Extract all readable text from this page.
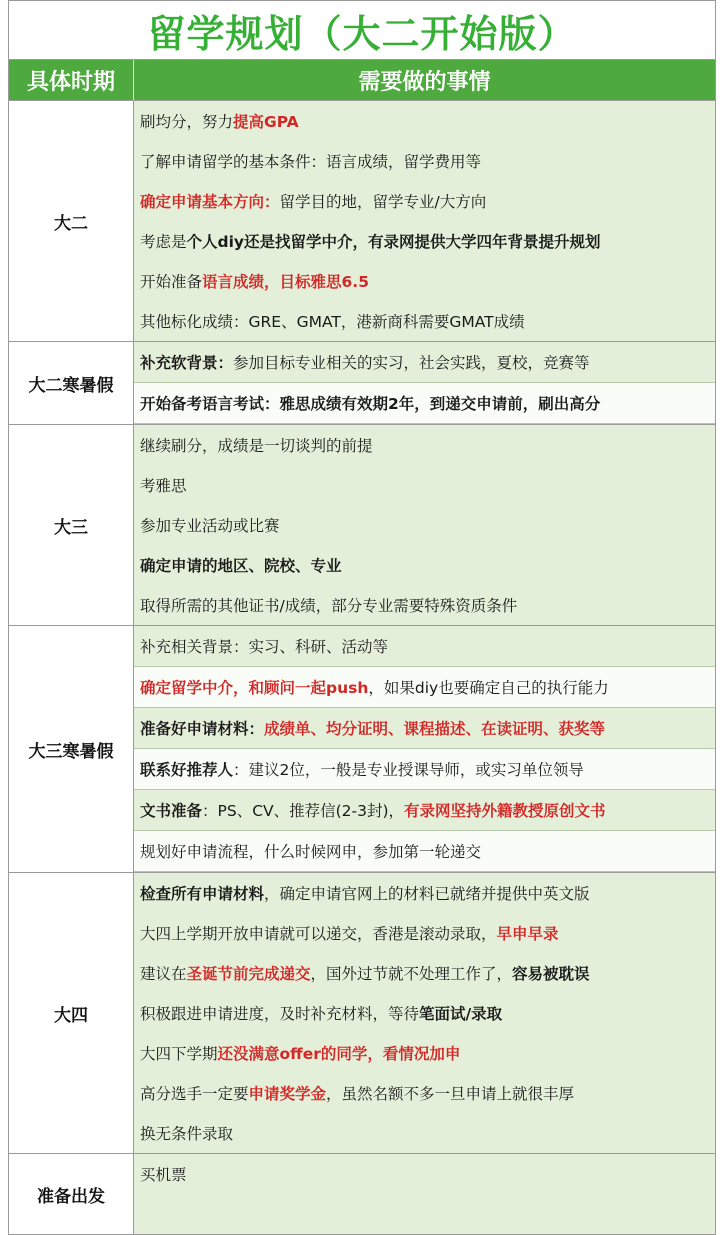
留学规划（大二开始版）
具体时期	需要做的事情
大二
刷均分，努力 提高GPA
了解申请留学的基本条件：语言成绩，留学费用等
确定申请基本方向： 留学目的地，留学专业/大方向
考虑是 个人diy还是找留学中介，有录网提供大学四年背景提升规划
开始准备 语言成绩，目标雅思6.5
其他标化成绩：GRE、GMAT，港新商科需要GMAT成绩
大二寒暑假
补充软背景： 参加目标专业相关的实习，社会实践，夏校，竞赛等
开始备考语言考试：雅思成绩有效期2年，到递交申请前，刷出高分
大三
继续刷分，成绩是一切谈判的前提
考雅思
参加专业活动或比赛
确定申请的地区、院校、专业
取得所需的其他证书/成绩，部分专业需要特殊资质条件
大三寒暑假
补充相关背景：实习、科研、活动等
确定留学中介，和顾问一起push ，如果diy也要确定自己的执行能力
准备好申请材料： 成绩单、均分证明、课程描述、在读证明、获奖等
联系好推荐人 ：建议2位，一般是专业授课导师，或实习单位领导
文书准备 ：PS、CV、推荐信(2-3封)， 有录网坚持外籍教授原创文书
规划好申请流程，什么时候网申，参加第一轮递交
大四
检查所有申请材料 ，确定申请官网上的材料已就绪并提供中英文版
大四上学期开放申请就可以递交，香港是滚动录取， 早申早录
建议在 圣诞节前完成递交 ，国外过节就不处理工作了， 容易被耽误
积极跟进申请进度，及时补充材料，等待 笔面试/录取
大四下学期 还没满意offer的同学，看情况加申
高分选手一定要 申请奖学金 ，虽然名额不多一旦申请上就很丰厚
换无条件录取
准备出发
买机票
